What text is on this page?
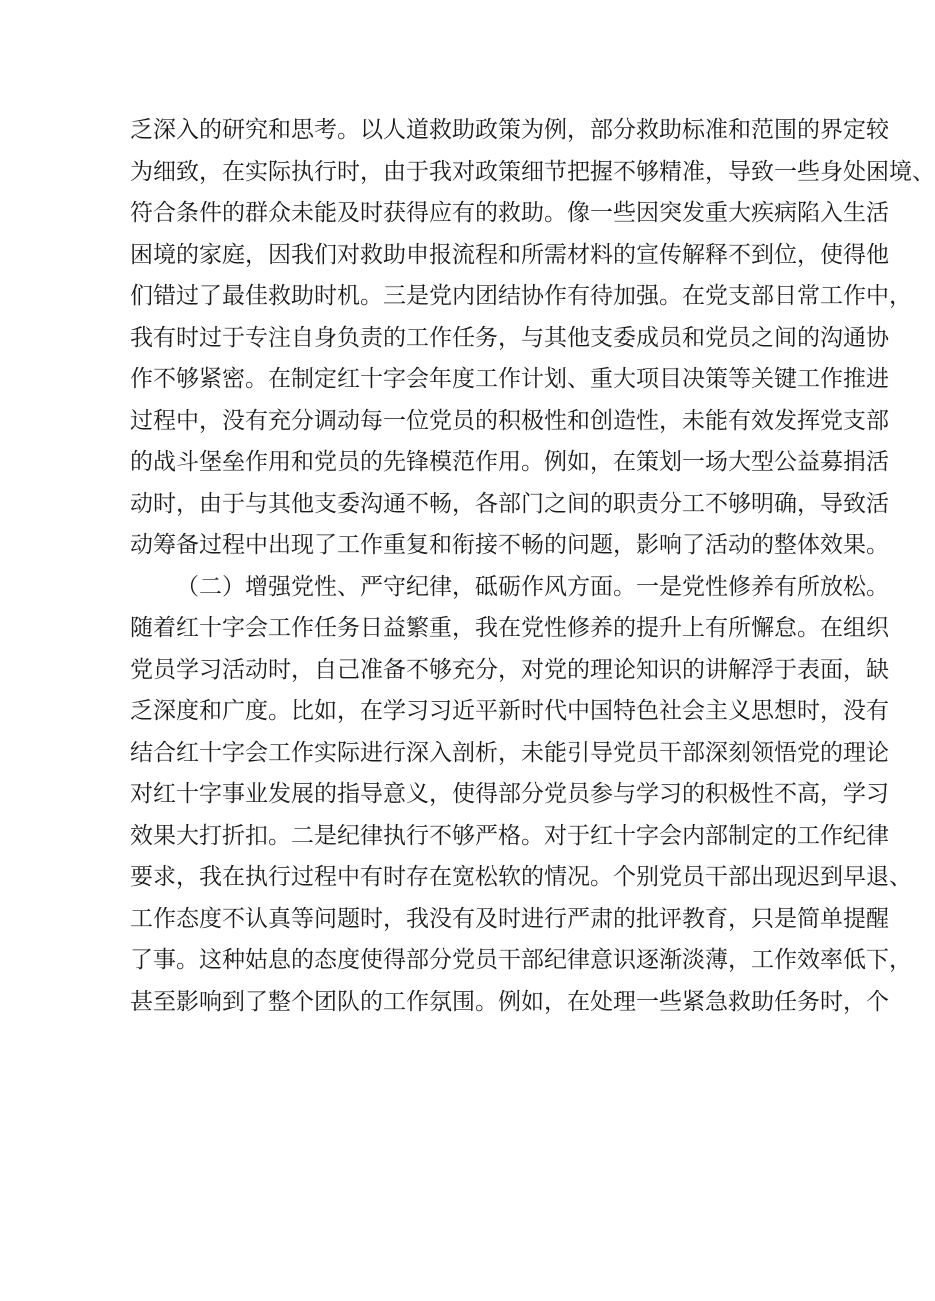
乏深入的研究和思考。以人道救助政策为例，部分救助标准和范围的界定较
为细致，在实际执行时，由于我对政策细节把握不够精准，导致一些身处困境、
符合条件的群众未能及时获得应有的救助。像一些因突发重大疾病陷入生活
困境的家庭，因我们对救助申报流程和所需材料的宣传解释不到位，使得他
们错过了最佳救助时机。三是党内团结协作有待加强。在党支部日常工作中，
我有时过于专注自身负责的工作任务，与其他支委成员和党员之间的沟通协
作不够紧密。在制定红十字会年度工作计划、重大项目决策等关键工作推进
过程中，没有充分调动每一位党员的积极性和创造性，未能有效发挥党支部
的战斗堡垒作用和党员的先锋模范作用。例如，在策划一场大型公益募捐活
动时，由于与其他支委沟通不畅，各部门之间的职责分工不够明确，导致活
动筹备过程中出现了工作重复和衔接不畅的问题，影响了活动的整体效果。
（二）增强党性、严守纪律，砥砺作风方面。一是党性修养有所放松。
随着红十字会工作任务日益繁重，我在党性修养的提升上有所懈怠。在组织
党员学习活动时，自己准备不够充分，对党的理论知识的讲解浮于表面，缺
乏深度和广度。比如，在学习习近平新时代中国特色社会主义思想时，没有
结合红十字会工作实际进行深入剖析，未能引导党员干部深刻领悟党的理论
对红十字事业发展的指导意义，使得部分党员参与学习的积极性不高，学习
效果大打折扣。二是纪律执行不够严格。对于红十字会内部制定的工作纪律
要求，我在执行过程中有时存在宽松软的情况。个别党员干部出现迟到早退、
工作态度不认真等问题时，我没有及时进行严肃的批评教育，只是简单提醒
了事。这种姑息的态度使得部分党员干部纪律意识逐渐淡薄，工作效率低下，
甚至影响到了整个团队的工作氛围。例如，在处理一些紧急救助任务时，个
